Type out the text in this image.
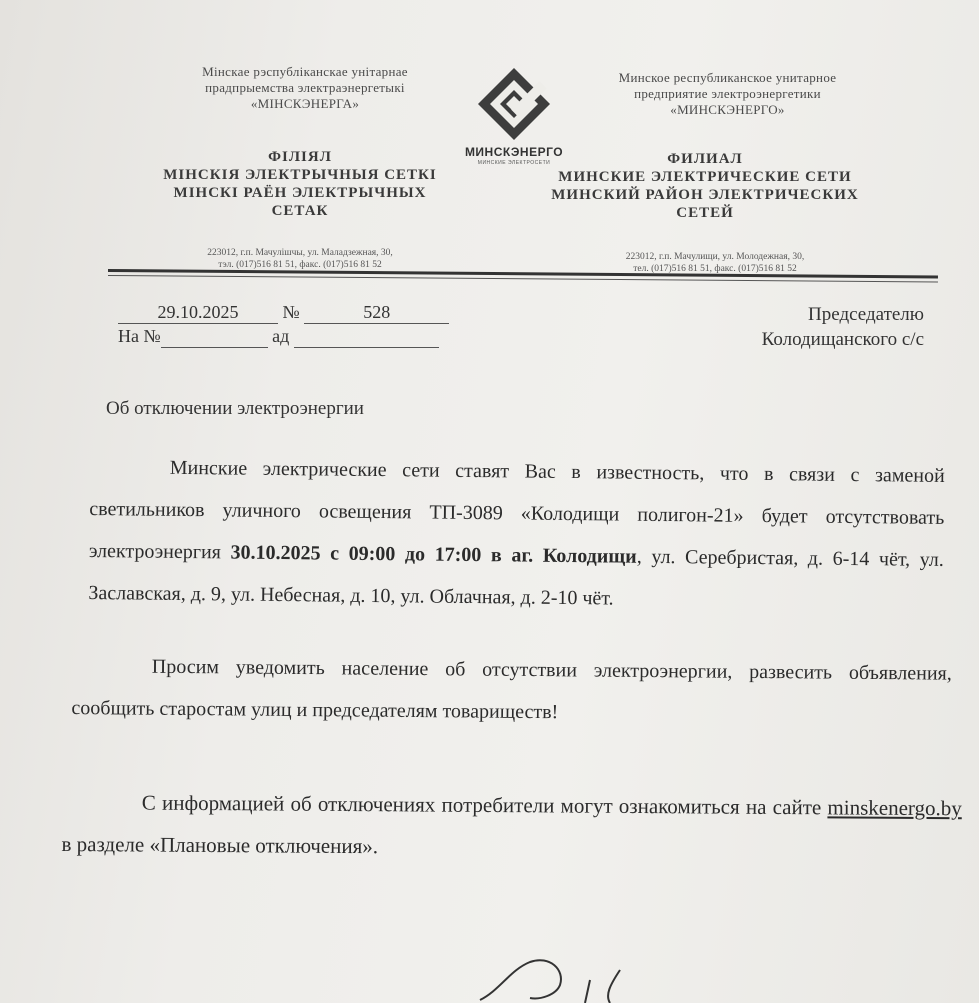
Мінскае рэспубліканскае унітарнае
прадпрыемства электраэнергетыкі
«МІНСКЭНЕРГА»
МИНСКЭНЕРГО
МИНСКИЕ ЭЛЕКТРОСЕТИ
Минское республиканское унитарное
предприятие электроэнергетики
«МИНСКЭНЕРГО»
ФІЛІЯЛ
МІНСКІЯ ЭЛЕКТРЫЧНЫЯ СЕТКІ
МІНСКІ РАЁН ЭЛЕКТРЫЧНЫХ
СЕТАК
ФИЛИАЛ
МИНСКИЕ ЭЛЕКТРИЧЕСКИЕ СЕТИ
МИНСКИЙ РАЙОН ЭЛЕКТРИЧЕСКИХ
СЕТЕЙ
223012, г.п. Мачулішчы, ул. Маладзежная, 30,
тэл. (017)516 81 51, факс. (017)516 81 52
223012, г.п. Мачулищи, ул. Молодежная, 30,
тел. (017)516 81 51, факс. (017)516 81 52
29.10.2025 №	528
На №	ад
Председателю
Колодищанского с/с
Об отключении электроэнергии
Минские электрические сети ставят Вас в известность, что в связи с заменой светильников уличного освещения ТП-3089 «Колодищи полигон-21» будет отсутствовать электроэнергия 30.10.2025 с 09:00 до 17:00 в аг. Колодищи, ул. Серебристая, д. 6-14 чёт, ул. Заславская, д. 9, ул. Небесная, д. 10, ул. Облачная, д. 2-10 чёт.
Просим уведомить население об отсутствии электроэнергии, развесить объявления, сообщить старостам улиц и председателям товариществ!
С информацией об отключениях потребители могут ознакомиться на сайте minskenergo.by в разделе «Плановые отключения».
